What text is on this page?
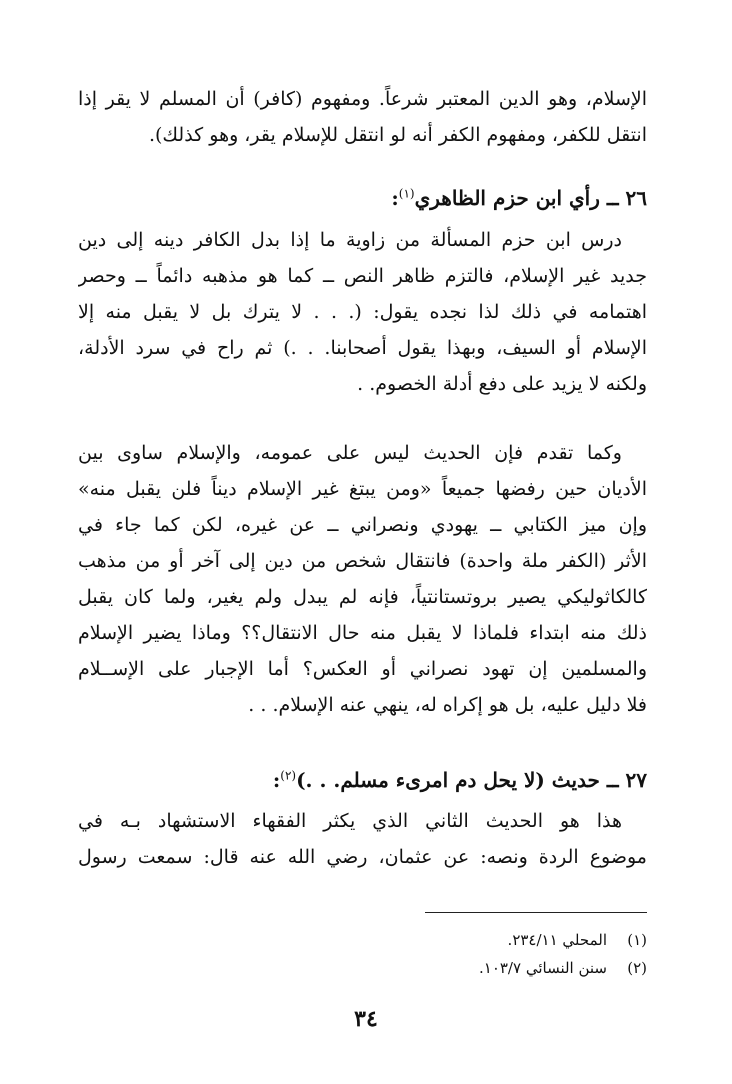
الإسلام، وهو الدين المعتبر شرعاً. ومفهوم (كافر) أن المسلم لا يقر إذا
انتقل للكفر، ومفهوم الكفر أنه لو انتقل للإسلام يقر، وهو كذلك).
٢٦ ــ رأي ابن حزم الظاهري$^{(١)}$:
درس ابن حزم المسألة من زاوية ما إذا بدل الكافر دينه إلى دين
جديد غير الإسلام، فالتزم ظاهر النص ــ كما هو مذهبه دائماً ــ وحصر
اهتمامه في ذلك لذا نجده يقول: (. . . لا يترك بل لا يقبل منه إلا
الإسلام أو السيف، وبهذا يقول أصحابنا. . .) ثم راح في سرد الأدلة،
ولكنه لا يزيد على دفع أدلة الخصوم. .
وكما تقدم فإن الحديث ليس على عمومه، والإسلام ساوى بين
الأديان حين رفضها جميعاً «ومن يبتغ غير الإسلام ديناً فلن يقبل منه»
وإن ميز الكتابي ــ يهودي ونصراني ــ عن غيره، لكن كما جاء في
الأثر (الكفر ملة واحدة) فانتقال شخص من دين إلى آخر أو من مذهب
كالكاثوليكي يصير بروتستانتياً، فإنه لم يبدل ولم يغير، ولما كان يقبل
ذلك منه ابتداء فلماذا لا يقبل منه حال الانتقال؟؟ وماذا يضير الإسلام
والمسلمين إن تهود نصراني أو العكس؟ أما الإجبار على الإســلام
فلا دليل عليه، بل هو إكراه له، ينهي عنه الإسلام. . .
٢٧ ــ حديث (لا يحل دم امرىء مسلم. . .)$^{(٢)}$:
هذا هو الحديث الثاني الذي يكثر الفقهاء الاستشهاد بـه في
موضوع الردة ونصه: عن عثمان، رضي الله عنه قال: سمعت رسول
(١)المحلي ٢٣٤/١١.
(٢)سنن النسائي ١٠٣/٧.
٣٤
